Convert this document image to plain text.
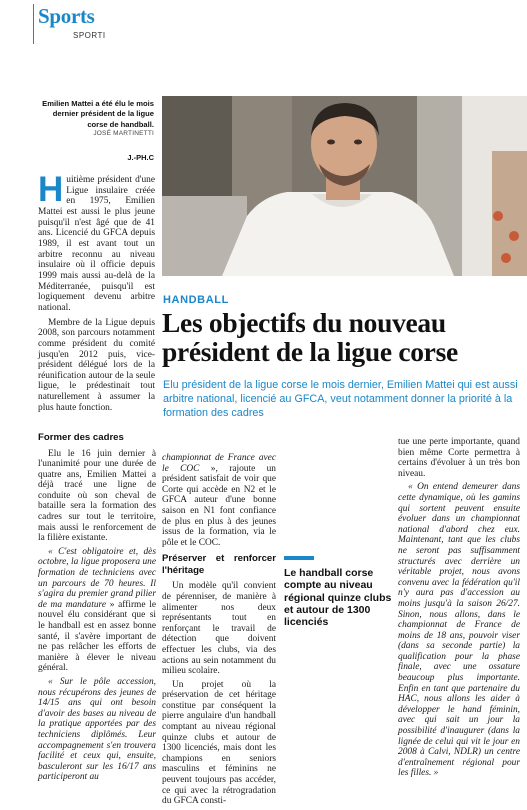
Sports
SPORTI
Emilien Mattei a été élu le mois dernier président de la ligue corse de handball.
JOSÉ MARTINETTI
J.-PH.C

Huitième président d'une Ligue insulaire créée en 1975, Emilien Mattei est aussi le plus jeune puisqu'il n'est âgé que de 41 ans. Licencié du GFCA depuis 1989, il est avant tout un arbitre reconnu au niveau insulaire où il officie depuis 1999 mais aussi au-delà de la Méditerranée, puisqu'il est logiquement devenu arbitre national.

Membre de la Ligue depuis 2008, son parcours notamment comme président du comité jusqu'en 2012 puis, vice-président délégué lors de la réunification autour de la seule ligue, le prédestinait tout naturellement à assumer la plus haute fonction.

HANDBALL
Les objectifs du nouveau président de la ligue corse
Elu président de la ligue corse le mois dernier, Emilien Mattei qui est aussi arbitre national, licencié au GFCA, veut notamment donner la priorité à la formation des cadres
Former des cadres

Elu le 16 juin dernier à l'unanimité pour une durée de quatre ans, Emilien Mattei a déjà tracé une ligne de conduite où son cheval de bataille sera la formation des cadres sur tout le territoire, mais aussi le renforcement de la filière existante.

« C'est obligatoire et, dès octobre, la ligue proposera une formation de techniciens avec un parcours de 70 heures. Il s'agira du premier grand pilier de ma mandature » affirme le nouvel élu considérant que si le handball est en assez bonne santé, il s'avère important de ne pas relâcher les efforts de manière à élever le niveau général.

« Sur le pôle accession, nous récupérons des jeunes de 14/15 ans qui ont besoin d'avoir des bases au niveau de la pratique apportées par des techniciens diplômés. Leur accompagnement s'en trouvera facilité et ceux qui, ensuite, basculeront sur les 16/17 ans participeront au

championnat de France avec le COC », rajoute un président satisfait de voir que Corte qui accède en N2 et le GFCA auteur d'une bonne saison en N1 font confiance de plus en plus à des jeunes issus de la formation, via le pôle et le COC.

Préserver et renforcer l'héritage

Un modèle qu'il convient de pérenniser, de manière à alimenter nos deux représentants tout en renforçant le travail de détection que doivent effectuer les clubs, via des actions au sein notamment du milieu scolaire.

Un projet où la préservation de cet héritage constitue par conséquent la pierre angulaire d'un handball comptant au niveau régional quinze clubs et autour de 1300 licenciés, mais dont les champions en seniors masculins et féminins ne peuvent toujours pas accéder, ce qui avec la rétrogradation du GFCA consti-

Le handball corse compte au niveau régional quinze clubs et autour de 1300 licenciés

tue une perte importante, quand bien même Corte permettra à certains d'évoluer à un très bon niveau.

« On entend demeurer dans cette dynamique, où les gamins qui sortent peuvent ensuite évoluer dans un championnat national d'abord chez eux. Maintenant, tant que les clubs ne seront pas suffisamment structurés avec derrière un véritable projet, nous avons convenu avec la fédération qu'il n'y aura pas d'accession au moins jusqu'à la saison 26/27. Sinon, nous allons, dans le championnat de France de moins de 18 ans, pouvoir viser (dans sa seconde partie) la qualification pour la phase finale, avec une ossature beaucoup plus importante. Enfin en tant que partenaire du HAC, nous allons les aider à développer le hand féminin, avec qui sait un jour la possibilité d'inaugurer (dans la lignée de celui qui vit le jour en 2008 à Calvi, NDLR) un centre d'entraînement régional pour les filles. »
